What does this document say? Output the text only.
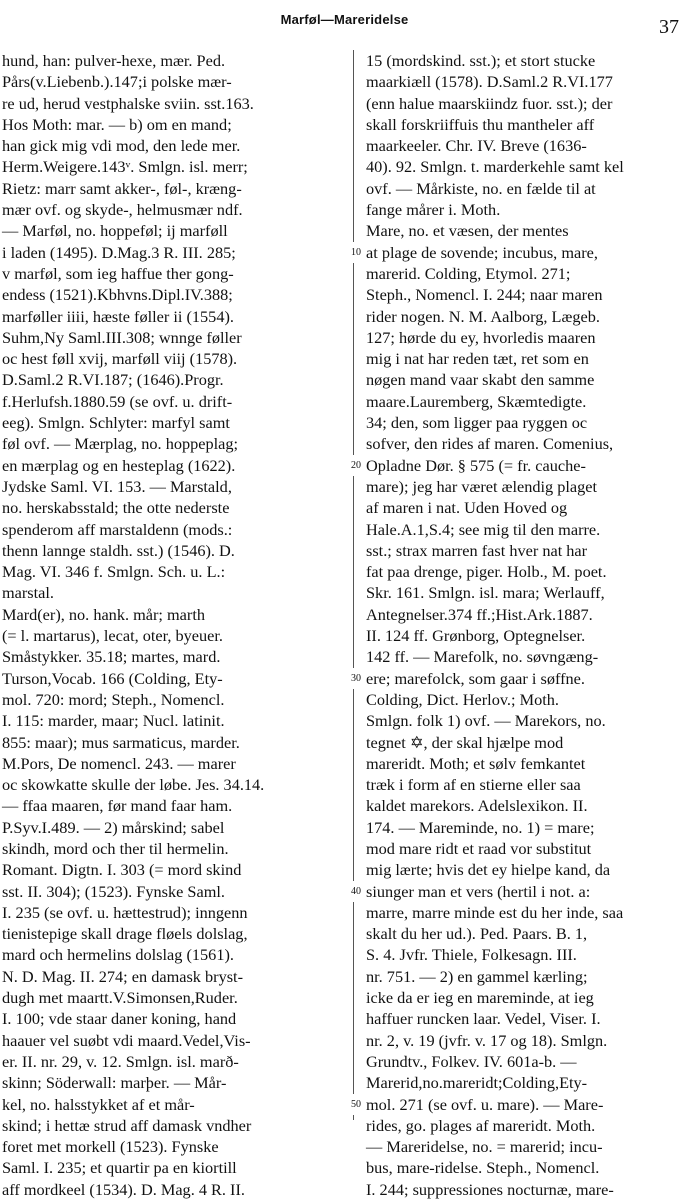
Marføl—Mareridelse	37
hund, han: pulver-hexe, mær. Ped.
Pårs(v.Liebenb.).147;i polske mær-
re ud, herud vestphalske sviin. sst.163.
Hos Moth: mar. — b) om en mand;
han gick mig vdi mod, den lede mer.
Herm.Weigere.143ᵛ. Smlgn. isl. merr;
Rietz: marr samt akker-, føl-, kræng-
mær ovf. og skyde-, helmusmær ndf.
— Marføl, no. hoppeføl; ij marføll
i laden (1495). D.Mag.3 R. III. 285;
v marføl, som ieg haffue ther gong-
endess (1521).Kbhvns.Dipl.IV.388;
marføller iiii, hæste føller ii (1554).
Suhm,Ny Saml.III.308; wnnge føller
oc hest føll xvij, marføll viij (1578).
D.Saml.2 R.VI.187; (1646).Progr.
f.Herlufsh.1880.59 (se ovf. u. drift-
eeg). Smlgn. Schlyter: marfyl samt
føl ovf. — Mærplag, no. hoppeplag;
en mærplag og en hesteplag (1622).
Jydske Saml. VI. 153. — Marstald,
no. herskabsstald; the otte nederste
spenderom aff marstaldenn (mods.:
thenn lannge staldh. sst.) (1546). D.
Mag. VI. 346 f. Smlgn. Sch. u. L.:
marstal.
Mard(er), no. hank. mår; marth
(= l. martarus), lecat, oter, byeuer.
Småstykker. 35.18; martes, mard.
Turson,Vocab. 166 (Colding, Ety-
mol. 720: mord; Steph., Nomencl.
I. 115: marder, maar; Nucl. latinit.
855: maar); mus sarmaticus, marder.
M.Pors, De nomencl. 243. — marer
oc skowkatte skulle der løbe. Jes. 34.14.
— ffaa maaren, før mand faar ham.
P.Syv.I.489. — 2) mårskind; sabel
skindh, mord och ther til hermelin.
Romant. Digtn. I. 303 (= mord skind
sst. II. 304); (1523). Fynske Saml.
I. 235 (se ovf. u. hættestrud); inngenn
tienistepige skall drage fløels dolslag,
mard och hermelins dolslag (1561).
N. D. Mag. II. 274; en damask bryst-
dugh met maartt.V.Simonsen,Ruder.
I. 100; vde staar daner koning, hand
haauer vel suøbt vdi maard.Vedel,Vis-
er. II. nr. 29, v. 12. Smlgn. isl. marð-
skinn; Söderwall: marþer. — Mår-
kel, no. halsstykket af et mår-
skind; i hettæ strud aff damask vndher
foret met morkell (1523). Fynske
Saml. I. 235; et quartir pa en kiortill
aff mordkeel (1534). D. Mag. 4 R. II.
15 (mordskind. sst.); et stort stucke
maarkiæll (1578). D.Saml.2 R.VI.177
(enn halue maarskiindz fuor. sst.); der
skall forskriiffuis thu mantheler aff
maarkeeler. Chr. IV. Breve (1636-
40). 92. Smlgn. t. marderkehle samt kel
ovf. — Mårkiste, no. en fælde til at
fange mårer i. Moth.
Mare, no. et væsen, der mentes
at plage de sovende; incubus, mare,
marerid. Colding, Etymol. 271;
Steph., Nomencl. I. 244; naar maren
rider nogen. N. M. Aalborg, Lægeb.
127; hørde du ey, hvorledis maaren
mig i nat har reden tæt, ret som en
nøgen mand vaar skabt den samme
maare.Lauremberg, Skæmtedigte.
34; den, som ligger paa ryggen oc
sofver, den rides af maren. Comenius,
Opladne Dør. § 575 (= fr. cauche-
mare); jeg har været ælendig plaget
af maren i nat. Uden Hoved og
Hale.A.1,S.4; see mig til den marre.
sst.; strax marren fast hver nat har
fat paa drenge, piger. Holb., M. poet.
Skr. 161. Smlgn. isl. mara; Werlauff,
Antegnelser.374 ff.;Hist.Ark.1887.
II. 124 ff. Grønborg, Optegnelser.
142 ff. — Marefolk, no. søvngæng-
ere; marefolck, som gaar i søffne.
Colding, Dict. Herlov.; Moth.
Smlgn. folk 1) ovf. — Marekors, no.
tegnet ✡, der skal hjælpe mod
mareridt. Moth; et sølv femkantet
træk i form af en stierne eller saa
kaldet marekors. Adelslexikon. II.
174. — Mareminde, no. 1) = mare;
mod mare ridt et raad vor substitut
mig lærte; hvis det ey hielpe kand, da
siunger man et vers (hertil i not. a:
marre, marre minde est du her inde, saa
skalt du her ud.). Ped. Paars. B. 1,
S. 4. Jvfr. Thiele, Folkesagn. III.
nr. 751. — 2) en gammel kærling;
icke da er ieg en mareminde, at ieg
haffuer runcken laar. Vedel, Viser. I.
nr. 2, v. 19 (jvfr. v. 17 og 18). Smlgn.
Grundtv., Folkev. IV. 601a-b. —
Marerid,no.mareridt;Colding,Ety-
mol. 271 (se ovf. u. mare). — Mare-
rides, go. plages af mareridt. Moth.
— Mareridelse, no. = marerid; incu-
bus, mare-ridelse. Steph., Nomencl.
I. 244; suppressiones nocturnæ, mare-
10
20
30
40
50
